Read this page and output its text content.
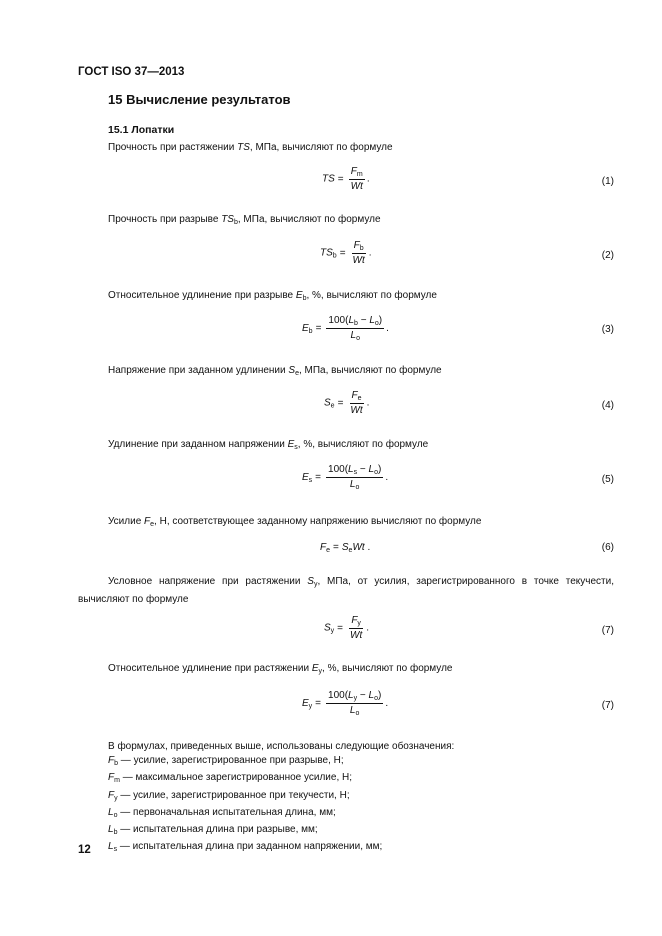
ГОСТ ISO 37—2013
15 Вычисление результатов
15.1 Лопатки
Прочность при растяжении TS, МПа, вычисляют по формуле
TS = $\frac{F_m}{Wt}$ .	(1)
Прочность при разрыве $TS_b$, МПа, вычисляют по формуле
$TS_b = \frac{F_b}{Wt}$ .	(2)
Относительное удлинение при разрыве $E_b$, %, вычисляют по формуле
$E_b = \frac{100(L_b - L_o)}{L_o}$ .	(3)
Напряжение при заданном удлинении $S_e$, МПа, вычисляют по формуле
$S_e = \frac{F_e}{Wt}$ .	(4)
Удлинение при заданном напряжении $E_s$, %, вычисляют по формуле
$E_s = \frac{100(L_s - L_o)}{L_o}$ .	(5)
Усилие $F_e$, Н, соответствующее заданному напряжению вычисляют по формуле
$F_e = S_eWt$ .	(6)
Условное напряжение при растяжении $S_y$, МПа, от усилия, зарегистрированного в точке текучести, вычисляют по формуле
$S_y = \frac{F_y}{Wt}$ .	(7)
Относительное удлинение при растяжении $E_y$, %, вычисляют по формуле
$E_y = \frac{100(L_y - L_o)}{L_o}$ .	(7)
В формулах, приведенных выше, использованы следующие обозначения:
$F_b$ — усилие, зарегистрированное при разрыве, Н;
$F_m$ — максимальное зарегистрированное усилие, Н;
$F_y$ — усилие, зарегистрированное при текучести, Н;
$L_o$ — первоначальная испытательная длина, мм;
$L_b$ — испытательная длина при разрыве, мм;
$L_s$ — испытательная длина при заданном напряжении, мм;
12
